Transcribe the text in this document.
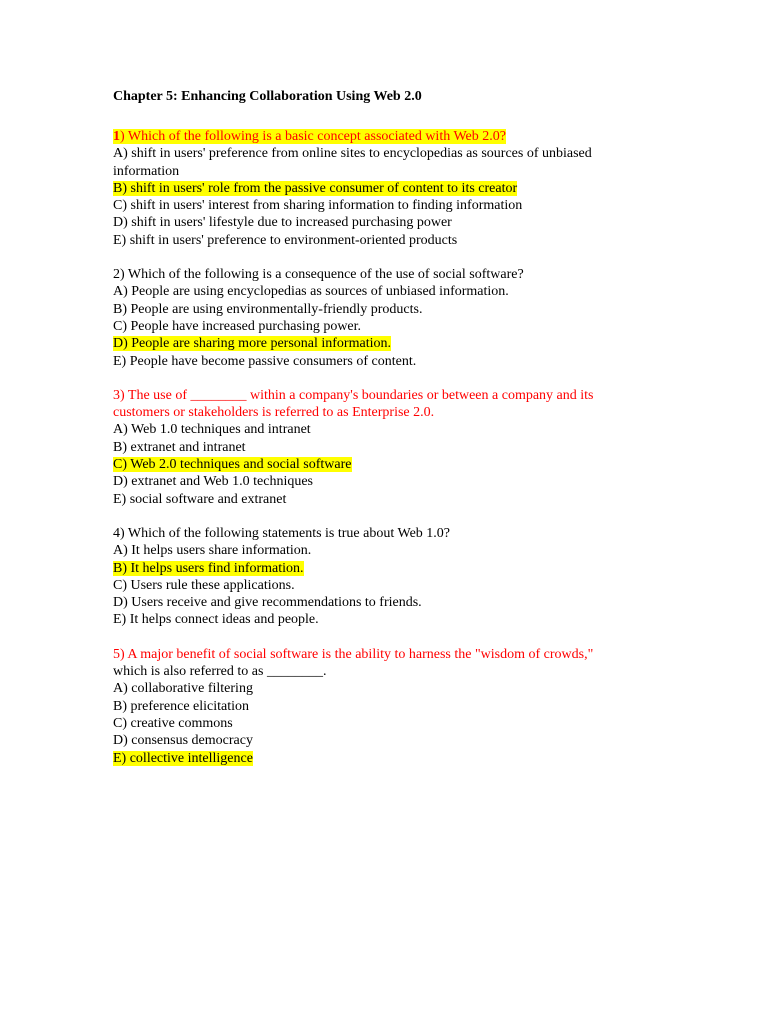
Chapter 5: Enhancing Collaboration Using Web 2.0
1) Which of the following is a basic concept associated with Web 2.0?
A) shift in users' preference from online sites to encyclopedias as sources of unbiased
information
B) shift in users' role from the passive consumer of content to its creator
C) shift in users' interest from sharing information to finding information
D) shift in users' lifestyle due to increased purchasing power
E) shift in users' preference to environment-oriented products
2) Which of the following is a consequence of the use of social software?
A) People are using encyclopedias as sources of unbiased information.
B) People are using environmentally-friendly products.
C) People have increased purchasing power.
D) People are sharing more personal information.
E) People have become passive consumers of content.
3) The use of ________ within a company's boundaries or between a company and its
customers or stakeholders is referred to as Enterprise 2.0.
A) Web 1.0 techniques and intranet
B) extranet and intranet
C) Web 2.0 techniques and social software
D) extranet and Web 1.0 techniques
E) social software and extranet
4) Which of the following statements is true about Web 1.0?
A) It helps users share information.
B) It helps users find information.
C) Users rule these applications.
D) Users receive and give recommendations to friends.
E) It helps connect ideas and people.
5) A major benefit of social software is the ability to harness the "wisdom of crowds,"
which is also referred to as ________.
A) collaborative filtering
B) preference elicitation
C) creative commons
D) consensus democracy
E) collective intelligence
